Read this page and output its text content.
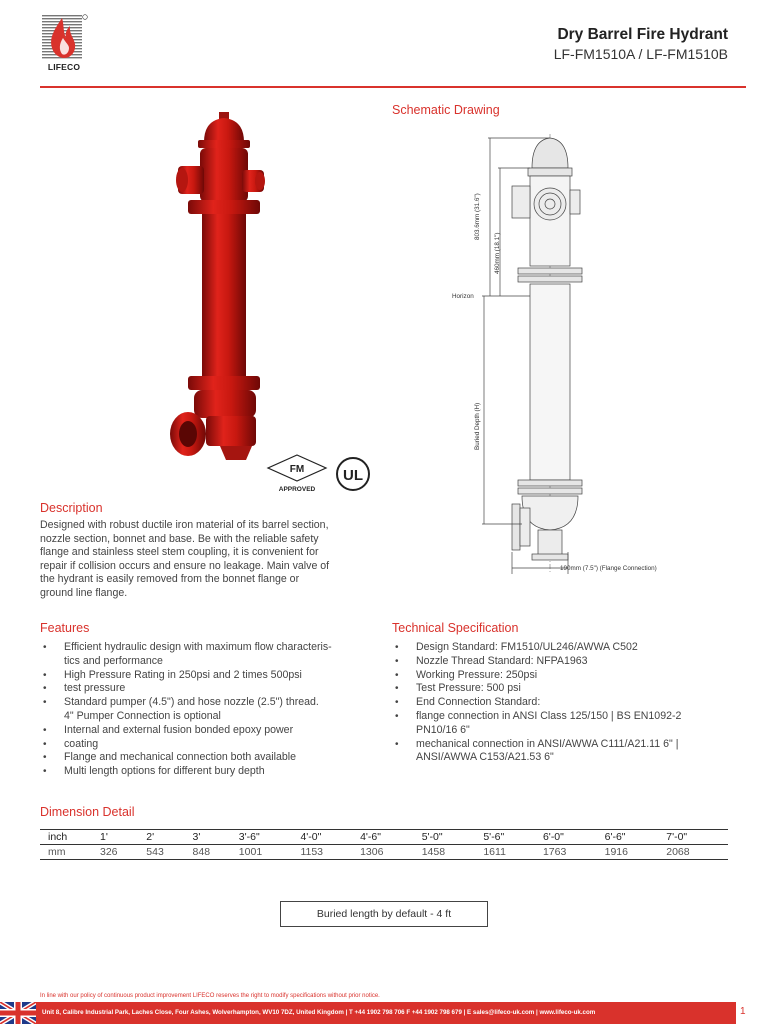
LIFECO
Dry Barrel Fire Hydrant
LF-FM1510A / LF-FM1510B
FM
APPROVED
UL
Schematic Drawing
803.6mm (31.6")
460mm (18.1")
Horizon
Buried Depth (H)
190mm (7.5") (Flange Connection)
Description
Designed with robust ductile iron material of its barrel section,
nozzle section, bonnet and base. Be with the reliable safety
flange and stainless steel stem coupling, it is convenient for
repair if collision occurs and ensure no leakage. Main valve of
the hydrant is easily removed from the bonnet flange or
ground line flange.
Features
• Efficient hydraulic design with maximum flow characteris-
tics and performance
• High Pressure Rating in 250psi and 2 times 500psi
• test pressure
• Standard pumper (4.5") and hose nozzle (2.5") thread.
4" Pumper Connection is optional
• Internal and external fusion bonded epoxy power
• coating
• Flange and mechanical connection both available
• Multi length options for different bury depth
Technical Specification
• Design Standard: FM1510/UL246/AWWA C502
• Nozzle Thread Standard: NFPA1963
• Working Pressure: 250psi
• Test Pressure: 500 psi
• End Connection Standard:
• flange connection in ANSI Class 125/150 | BS EN1092-2
PN10/16 6"
• mechanical connection in ANSI/AWWA C111/A21.11 6" |
ANSI/AWWA C153/A21.53 6"
Dimension Detail
inch	1'	2'	3'	3'-6"	4'-0"	4'-6"	5'-0"	5'-6"	6'-0"	6'-6"	7'-0"
mm	326	543	848	1001	1153	1306	1458	1611	1763	1916	2068
Buried length by default - 4 ft
In line with our policy of continuous product improvement LIFECO reserves the right to modify specifications without prior notice.
Unit 8, Calibre Industrial Park, Laches Close, Four Ashes, Wolverhampton, WV10 7DZ, United Kingdom | T +44 1902 798 706 F +44 1902 798 679 | E sales@lifeco-uk.com | www.lifeco-uk.com	1
